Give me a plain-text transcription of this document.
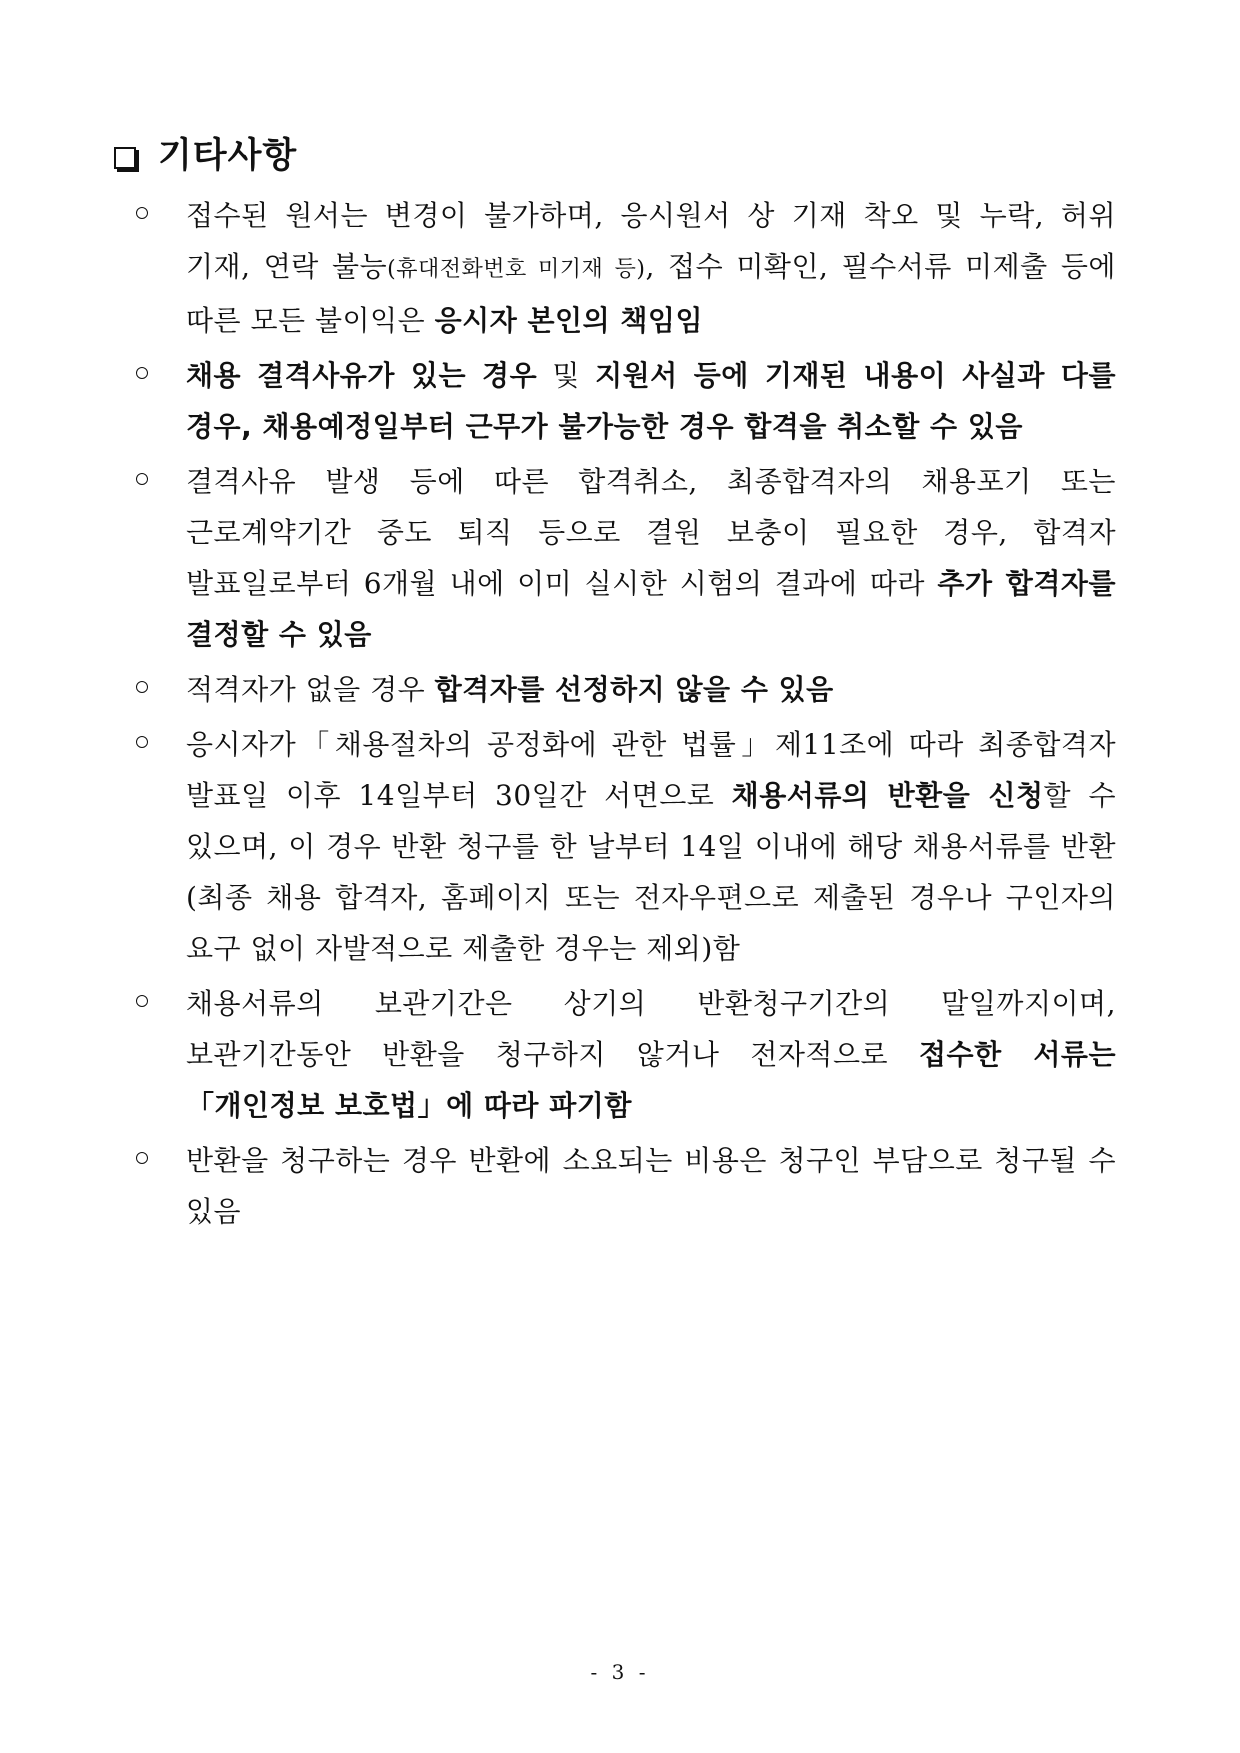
기타사항
접수된 원서는 변경이 불가하며, 응시원서 상 기재 착오 및 누락, 허위 기재, 연락 불능(휴대전화번호 미기재 등), 접수 미확인, 필수서류 미제출 등에 따른 모든 불이익은 응시자 본인의 책임임
채용 결격사유가 있는 경우 및 지원서 등에 기재된 내용이 사실과 다를 경우, 채용예정일부터 근무가 불가능한 경우 합격을 취소할 수 있음
결격사유 발생 등에 따른 합격취소, 최종합격자의 채용포기 또는 근로계약기간 중도 퇴직 등으로 결원 보충이 필요한 경우, 합격자 발표일로부터 6개월 내에 이미 실시한 시험의 결과에 따라 추가 합격자를 결정할 수 있음
적격자가 없을 경우 합격자를 선정하지 않을 수 있음
응시자가「채용절차의 공정화에 관한 법률」제11조에 따라 최종합격자 발표일 이후 14일부터 30일간 서면으로 채용서류의 반환을 신청할 수 있으며, 이 경우 반환 청구를 한 날부터 14일 이내에 해당 채용서류를 반환(최종 채용 합격자, 홈페이지 또는 전자우편으로 제출된 경우나 구인자의 요구 없이 자발적으로 제출한 경우는 제외)함
채용서류의 보관기간은 상기의 반환청구기간의 말일까지이며, 보관기간동안 반환을 청구하지 않거나 전자적으로 접수한 서류는「개인정보 보호법」에 따라 파기함
반환을 청구하는 경우 반환에 소요되는 비용은 청구인 부담으로 청구될 수 있음
- 3 -
